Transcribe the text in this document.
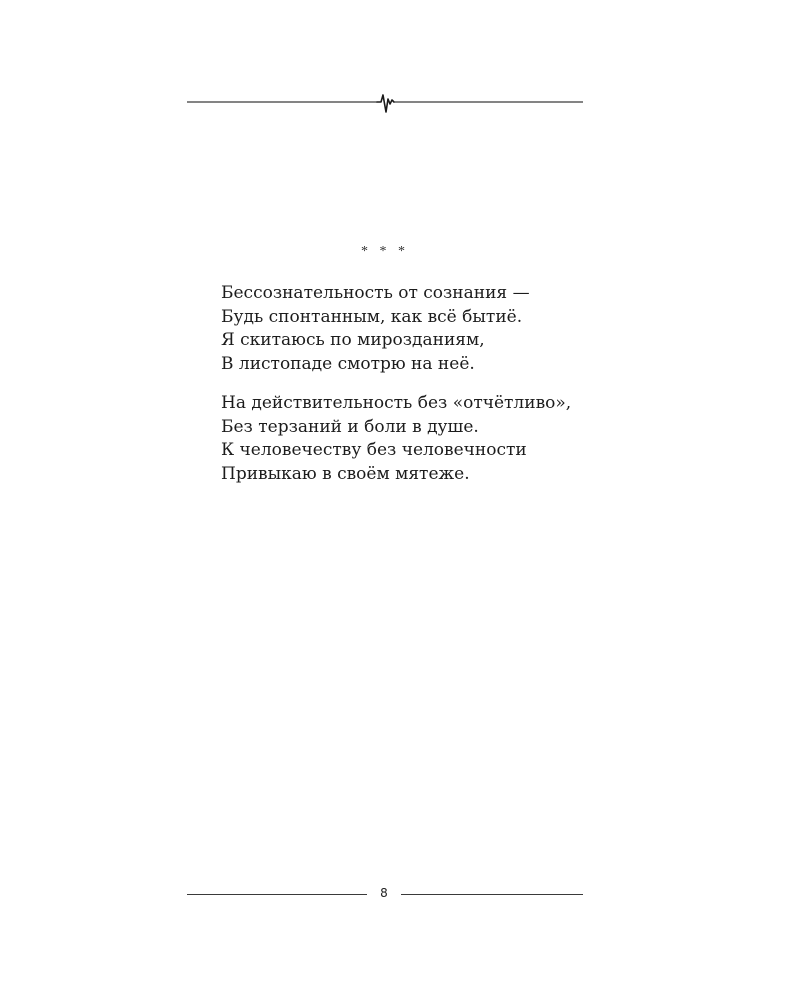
* * *
Бессознательность от сознания —
Будь спонтанным, как всё бытиё.
Я скитаюсь по мирозданиям,
В листопаде смотрю на неё.
На действительность без «отчётливо»,
Без терзаний и боли в душе.
К человечеству без человечности
Привыкаю в своём мятеже.
8
